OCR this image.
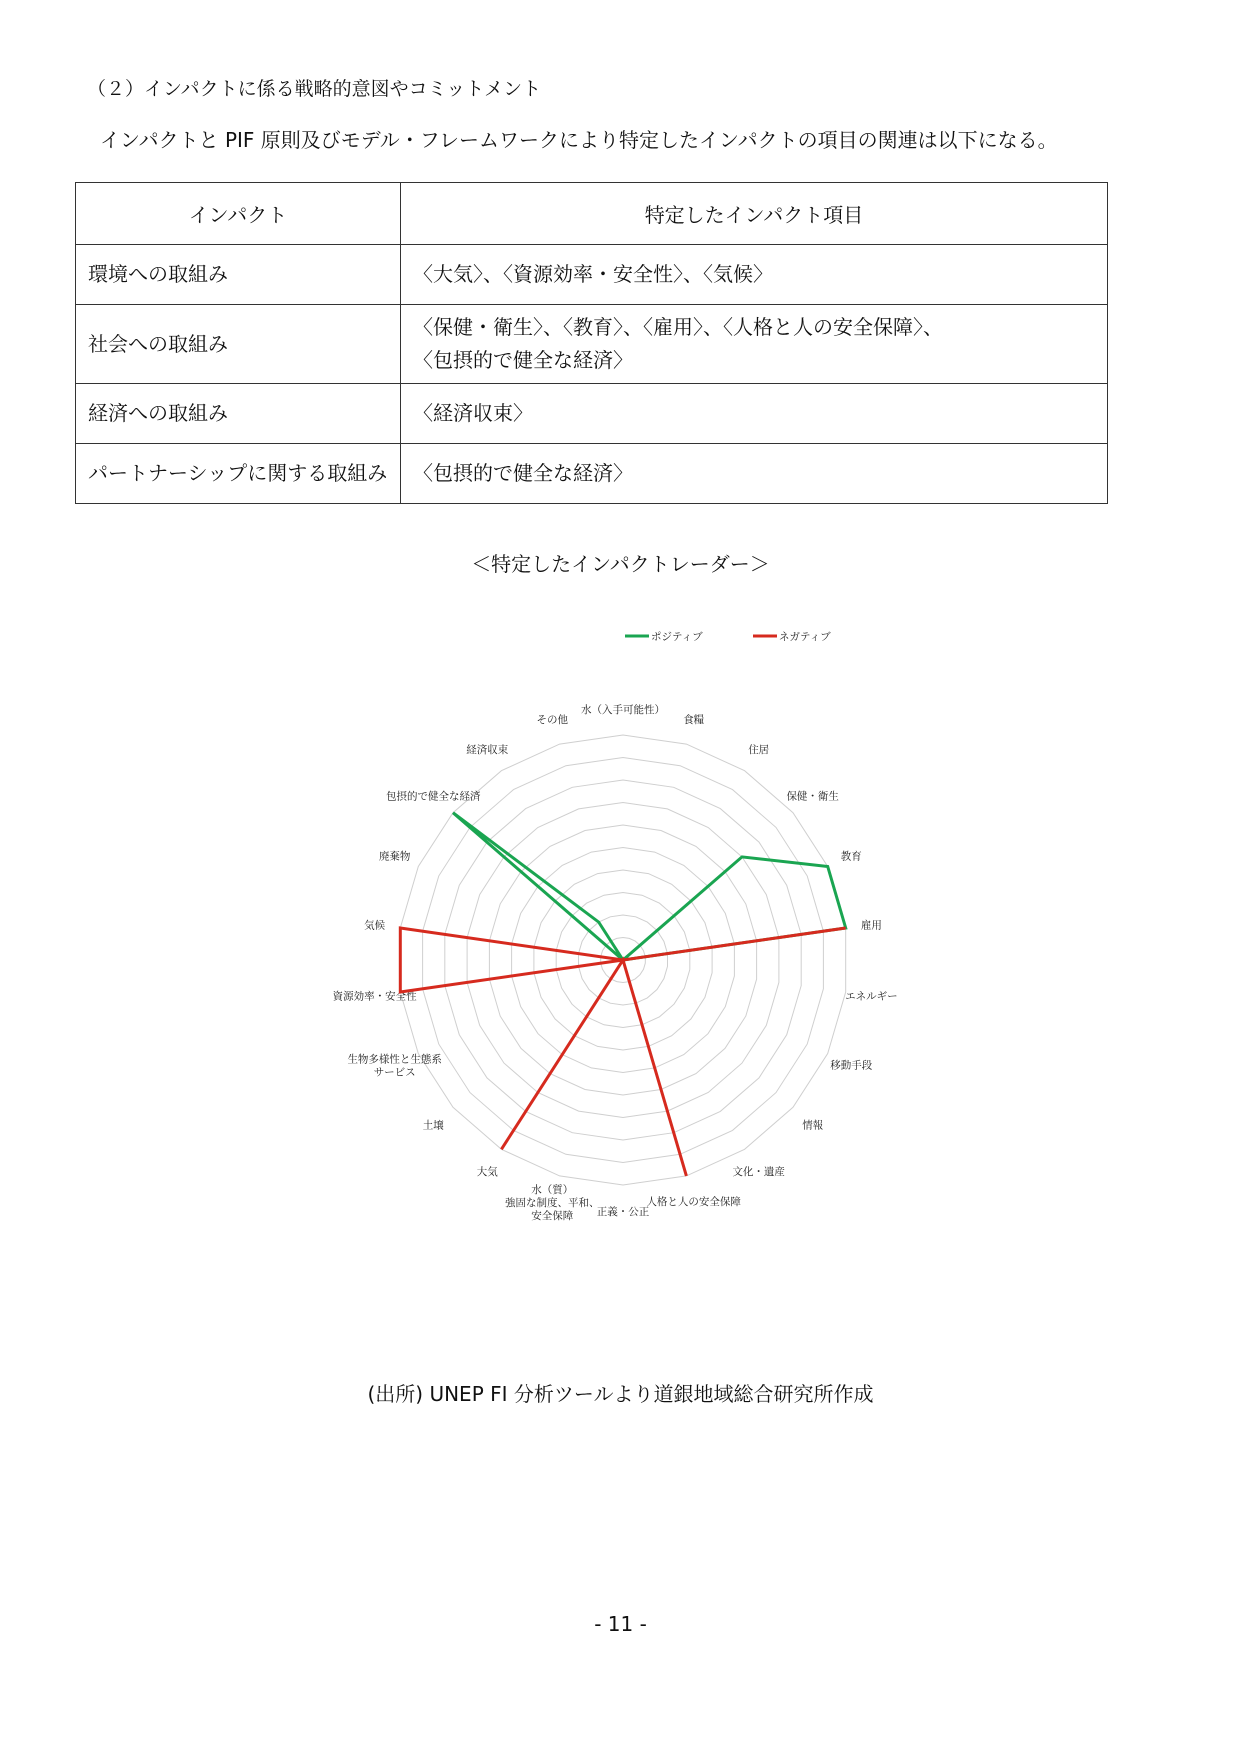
（２）インパクトに係る戦略的意図やコミットメント
インパクトと PIF 原則及びモデル・フレームワークにより特定したインパクトの項目の関連は以下になる。
インパクト	特定したインパクト項目
環境への取組み	〈大気〉、〈資源効率・安全性〉、〈気候〉

社会への取組み	〈保健・衛生〉、〈教育〉、〈雇用〉、〈人格と人の安全保障〉、
〈包摂的で健全な経済〉

経済への取組み	〈経済収束〉

パートナーシップに関する取組み	〈包摂的で健全な経済〉
＜特定したインパクトレーダー＞
水（入手可能性）
食糧
住居
保健・衛生
教育
雇用
エネルギー
移動手段
情報
文化・遺産
人格と人の安全保障
正義・公正
水（質）強固な制度、平和、安全保障
大気
土壌
生物多様性と生態系サービス
資源効率・安全性
気候
廃棄物
包摂的で健全な経済
経済収束
その他
ポジティブ	ネガティブ
(出所) UNEP FI 分析ツールより道銀地域総合研究所作成
- 11 -
